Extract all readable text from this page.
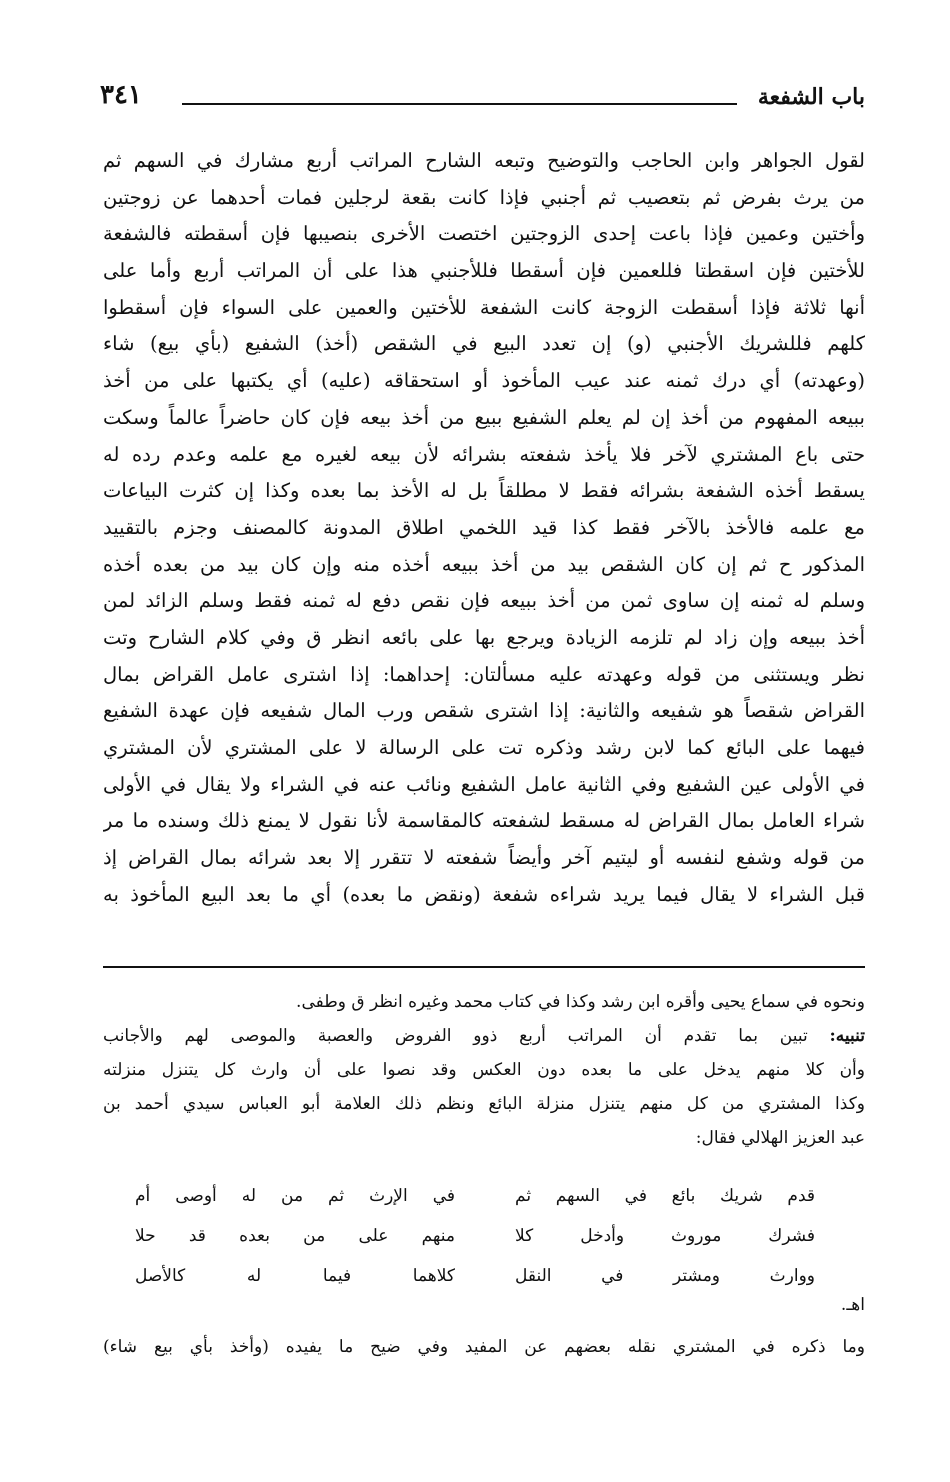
باب الشفعة
٣٤١
لقول الجواهر وابن الحاجب والتوضيح وتبعه الشارح المراتب أربع مشارك في السهم ثم
من يرث بفرض ثم بتعصيب ثم أجنبي فإذا كانت بقعة لرجلين فمات أحدهما عن زوجتين
وأختين وعمين فإذا باعت إحدى الزوجتين اختصت الأخرى بنصيبها فإن أسقطته فالشفعة
للأختين فإن اسقطتا فللعمين فإن أسقطا فللأجنبي هذا على أن المراتب أربع وأما على
أنها ثلاثة فإذا أسقطت الزوجة كانت الشفعة للأختين والعمين على السواء فإن أسقطوا
كلهم فللشريك الأجنبي (و) إن تعدد البيع في الشقص (أخذ) الشفيع (بأي بيع) شاء
(وعهدته) أي درك ثمنه عند عيب المأخوذ أو استحقاقه (عليه) أي يكتبها على من أخذ
ببيعه المفهوم من أخذ إن لم يعلم الشفيع ببيع من أخذ بيعه فإن كان حاضراً عالماً وسكت
حتى باع المشتري لآخر فلا يأخذ شفعته بشرائه لأن بيعه لغيره مع علمه وعدم رده له
يسقط أخذه الشفعة بشرائه فقط لا مطلقاً بل له الأخذ بما بعده وكذا إن كثرت البياعات
مع علمه فالأخذ بالآخر فقط كذا قيد اللخمي اطلاق المدونة كالمصنف وجزم بالتقييد
المذكور ح ثم إن كان الشقص بيد من أخذ ببيعه أخذه منه وإن كان بيد من بعده أخذه
وسلم له ثمنه إن ساوى ثمن من أخذ ببيعه فإن نقص دفع له ثمنه فقط وسلم الزائد لمن
أخذ ببيعه وإن زاد لم تلزمه الزيادة ويرجع بها على بائعه انظر ق وفي كلام الشارح وتت
نظر ويستثنى من قوله وعهدته عليه مسألتان: إحداهما: إذا اشترى عامل القراض بمال
القراض شقصاً هو شفيعه والثانية: إذا اشترى شقص ورب المال شفيعه فإن عهدة الشفيع
فيهما على البائع كما لابن رشد وذكره تت على الرسالة لا على المشتري لأن المشتري
في الأولى عين الشفيع وفي الثانية عامل الشفيع ونائب عنه في الشراء ولا يقال في الأولى
شراء العامل بمال القراض له مسقط لشفعته كالمقاسمة لأنا نقول لا يمنع ذلك وسنده ما مر
من قوله وشفع لنفسه أو ليتيم آخر وأيضاً شفعته لا تتقرر إلا بعد شرائه بمال القراض إذ
قبل الشراء لا يقال فيما يريد شراءه شفعة (ونقض ما بعده) أي ما بعد البيع المأخوذ به
ونحوه في سماع يحيى وأقره ابن رشد وكذا في كتاب محمد وغيره انظر ق وطفى.
تنبيه: تبين بما تقدم أن المراتب أربع ذوو الفروض والعصبة والموصى لهم والأجانب
وأن كلا منهم يدخل على ما بعده دون العكس وقد نصوا على أن وارث كل يتنزل منزلته
وكذا المشتري من كل منهم يتنزل منزلة البائع ونظم ذلك العلامة أبو العباس سيدي أحمد بن
عبد العزيز الهلالي فقال:
قدم شريك بائع في السهم ثم
في الإرث ثم من له أوصى أم
فشرك موروث وأدخل كلا
منهم على من بعده قد حلا
ووارث ومشتر في النقل
كلاهما فيما له كالأصل
اهـ.
وما ذكره في المشتري نقله بعضهم عن المفيد وفي ضيح ما يفيده (وأخذ بأي بيع شاء)
